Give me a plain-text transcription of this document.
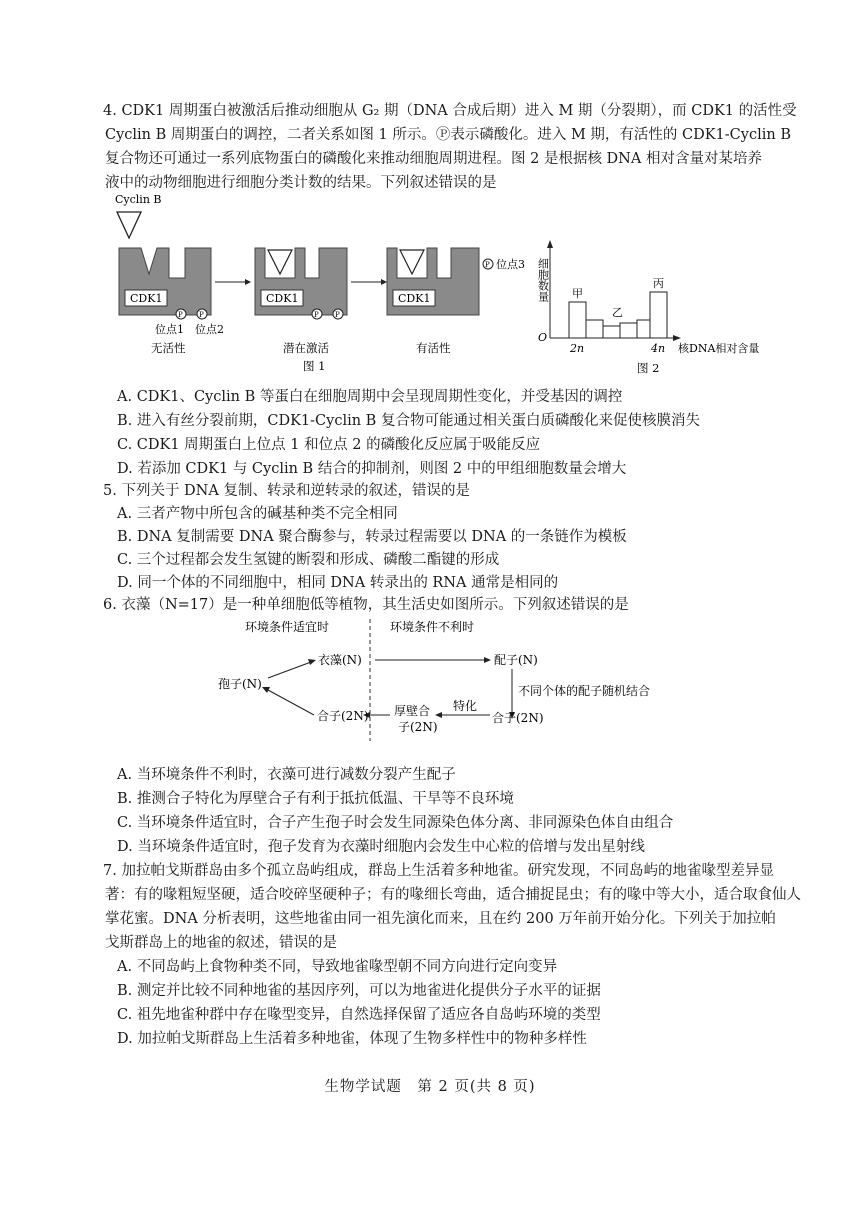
4. CDK1 周期蛋白被激活后推动细胞从 G₂ 期（DNA 合成后期）进入 M 期（分裂期），而 CDK1 的活性受
Cyclin B 周期蛋白的调控，二者关系如图 1 所示。Ⓟ表示磷酸化。进入 M 期，有活性的 CDK1-Cyclin B
复合物还可通过一系列底物蛋白的磷酸化来推动细胞周期进程。图 2 是根据核 DNA 相对含量对某培养
液中的动物细胞进行细胞分类计数的结果。下列叙述错误的是
Cyclin B
CDK1
P P
位点1 位点2
无活性
CDK1
P P
潜在激活
CDK1
P 位点3
有活性
图 1
细胞数量
O
甲
乙
丙
2n	4n 核DNA相对含量
图 2
A. CDK1、Cyclin B 等蛋白在细胞周期中会呈现周期性变化，并受基因的调控
B. 进入有丝分裂前期，CDK1-Cyclin B 复合物可能通过相关蛋白质磷酸化来促使核膜消失
C. CDK1 周期蛋白上位点 1 和位点 2 的磷酸化反应属于吸能反应
D. 若添加 CDK1 与 Cyclin B 结合的抑制剂，则图 2 中的甲组细胞数量会增大
5. 下列关于 DNA 复制、转录和逆转录的叙述，错误的是
A. 三者产物中所包含的碱基种类不完全相同
B. DNA 复制需要 DNA 聚合酶参与，转录过程需要以 DNA 的一条链作为模板
C. 三个过程都会发生氢键的断裂和形成、磷酸二酯键的形成
D. 同一个体的不同细胞中，相同 DNA 转录出的 RNA 通常是相同的
6. 衣藻（N=17）是一种单细胞低等植物，其生活史如图所示。下列叙述错误的是
环境条件适宜时	环境条件不利时
衣藻(N)	配子(N)
不同个体的配子随机结合
合子(2N)
特化
厚壁合
子(2N)
合子(2N)
孢子(N)
A. 当环境条件不利时，衣藻可进行减数分裂产生配子
B. 推测合子特化为厚壁合子有利于抵抗低温、干旱等不良环境
C. 当环境条件适宜时，合子产生孢子时会发生同源染色体分离、非同源染色体自由组合
D. 当环境条件适宜时，孢子发育为衣藻时细胞内会发生中心粒的倍增与发出星射线
7. 加拉帕戈斯群岛由多个孤立岛屿组成，群岛上生活着多种地雀。研究发现，不同岛屿的地雀喙型差异显
著：有的喙粗短坚硬，适合咬碎坚硬种子；有的喙细长弯曲，适合捕捉昆虫；有的喙中等大小，适合取食仙人
掌花蜜。DNA 分析表明，这些地雀由同一祖先演化而来，且在约 200 万年前开始分化。下列关于加拉帕
戈斯群岛上的地雀的叙述，错误的是
A. 不同岛屿上食物种类不同，导致地雀喙型朝不同方向进行定向变异
B. 测定并比较不同种地雀的基因序列，可以为地雀进化提供分子水平的证据
C. 祖先地雀种群中存在喙型变异，自然选择保留了适应各自岛屿环境的类型
D. 加拉帕戈斯群岛上生活着多种地雀，体现了生物多样性中的物种多样性
生物学试题　第 2 页(共 8 页)
